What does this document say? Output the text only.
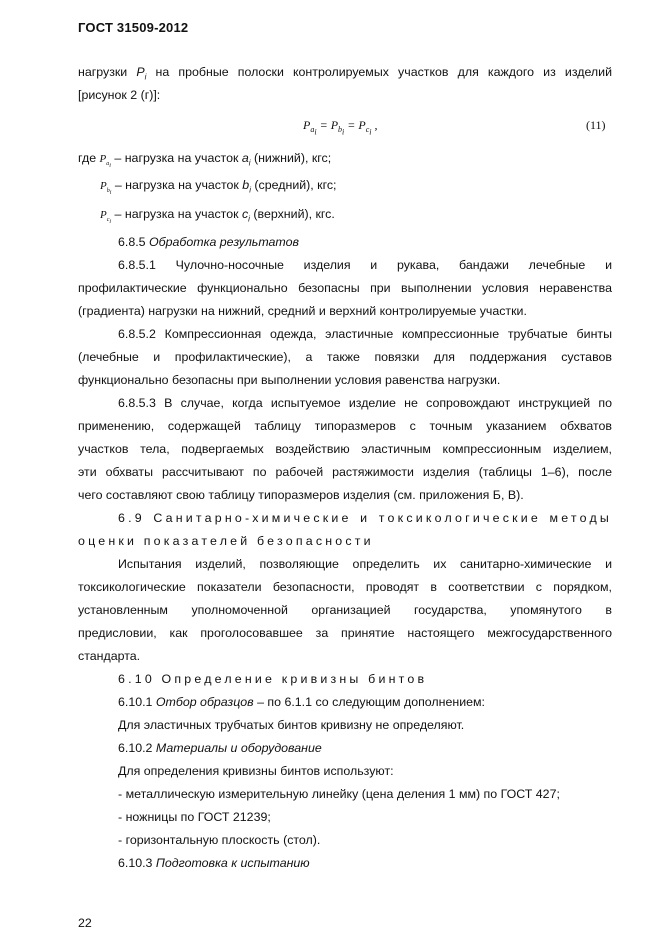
ГОСТ 31509-2012
нагрузки $P_i$ на пробные полоски контролируемых участков для каждого из изделий
[рисунок 2 (г)]:
$P_{a_i} = P_{b_i} = P_{c_i}$ ,	(11)
где $P_{a_i}$ – нагрузка на участок $a_i$ (нижний), кгс;
$P_{b_i}$ – нагрузка на участок $b_i$ (средний), кгс;
$P_{c_i}$ – нагрузка на участок $c_i$ (верхний), кгс.
6.8.5 Обработка результатов
6.8.5.1 Чулочно-носочные изделия и рукава, бандажи лечебные и
профилактические функционально безопасны при выполнении условия неравенства
(градиента) нагрузки на нижний, средний и верхний контролируемые участки.
6.8.5.2 Компрессионная одежда, эластичные компрессионные трубчатые бинты
(лечебные и профилактические), а также повязки для поддержания суставов
функционально безопасны при выполнении условия равенства нагрузки.
6.8.5.3 В случае, когда испытуемое изделие не сопровождают инструкцией по
применению, содержащей таблицу типоразмеров с точным указанием обхватов
участков тела, подвергаемых воздействию эластичным компрессионным изделием,
эти обхваты рассчитывают по рабочей растяжимости изделия (таблицы 1–6), после
чего составляют свою таблицу типоразмеров изделия (см. приложения Б, В).
6.9 Санитарно-химические и токсикологические методы
оценки показателей безопасности
Испытания изделий, позволяющие определить их санитарно-химические и
токсикологические показатели безопасности, проводят в соответствии с порядком,
установленным уполномоченной организацией государства, упомянутого в
предисловии, как проголосовавшее за принятие настоящего межгосударственного
стандарта.
6.10 Определение кривизны бинтов
6.10.1 Отбор образцов – по 6.1.1 со следующим дополнением:
Для эластичных трубчатых бинтов кривизну не определяют.
6.10.2 Материалы и оборудование
Для определения кривизны бинтов используют:
- металлическую измерительную линейку (цена деления 1 мм) по ГОСТ 427;
- ножницы по ГОСТ 21239;
- горизонтальную плоскость (стол).
6.10.3 Подготовка к испытанию
22
